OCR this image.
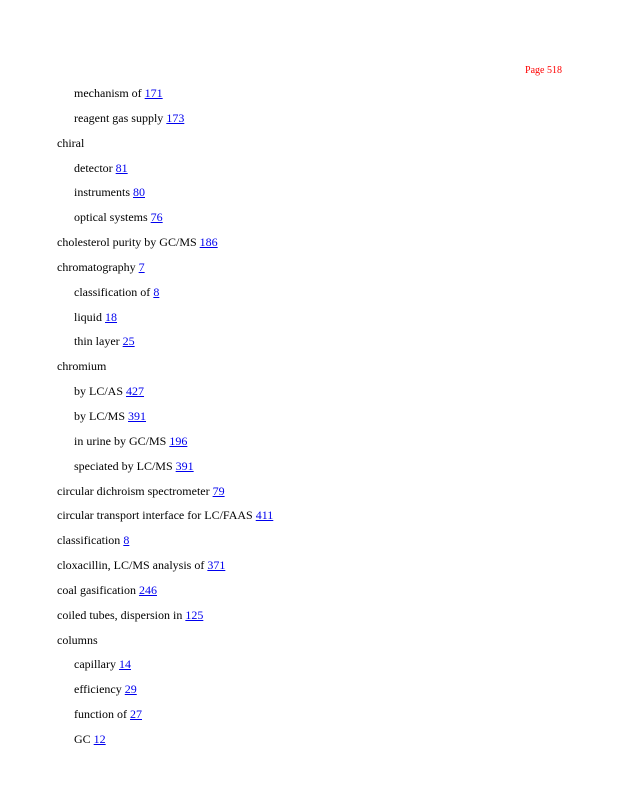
Page 518
mechanism of 171
reagent gas supply 173
chiral
detector 81
instruments 80
optical systems 76
cholesterol purity by GC/MS 186
chromatography 7
classification of 8
liquid 18
thin layer 25
chromium
by LC/AS 427
by LC/MS 391
in urine by GC/MS 196
speciated by LC/MS 391
circular dichroism spectrometer 79
circular transport interface for LC/FAAS 411
classification 8
cloxacillin, LC/MS analysis of 371
coal gasification 246
coiled tubes, dispersion in 125
columns
capillary 14
efficiency 29
function of 27
GC 12
